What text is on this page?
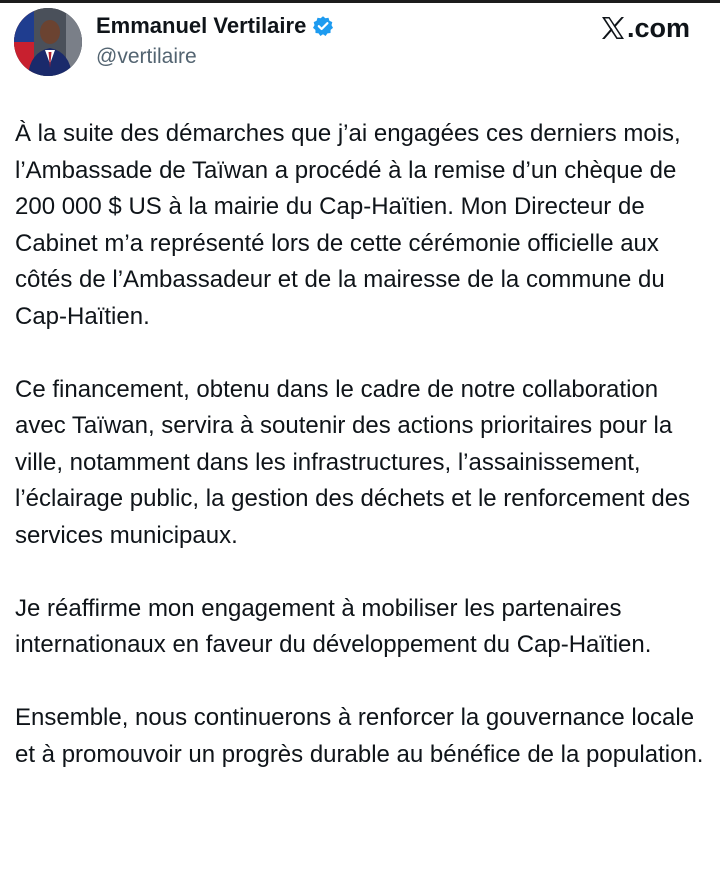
Emmanuel Vertilaire
@vertilaire
.com

À la suite des démarches que j’ai engagées ces derniers mois, l’Ambassade de Taïwan a procédé à la remise d’un chèque de 200 000 $ US à la mairie du Cap-Haïtien. Mon Directeur de Cabinet m’a représenté lors de cette cérémonie officielle aux côtés de l’Ambassadeur et de la mairesse de la commune du Cap-Haïtien.

Ce financement, obtenu dans le cadre de notre collaboration avec Taïwan, servira à soutenir des actions prioritaires pour la ville, notamment dans les infrastructures, l’assainissement, l’éclairage public, la gestion des déchets et le renforcement des services municipaux.

Je réaffirme mon engagement à mobiliser les partenaires internationaux en faveur du développement du Cap-Haïtien.

Ensemble, nous continuerons à renforcer la gouvernance locale et à promouvoir un progrès durable au bénéfice de la population.
